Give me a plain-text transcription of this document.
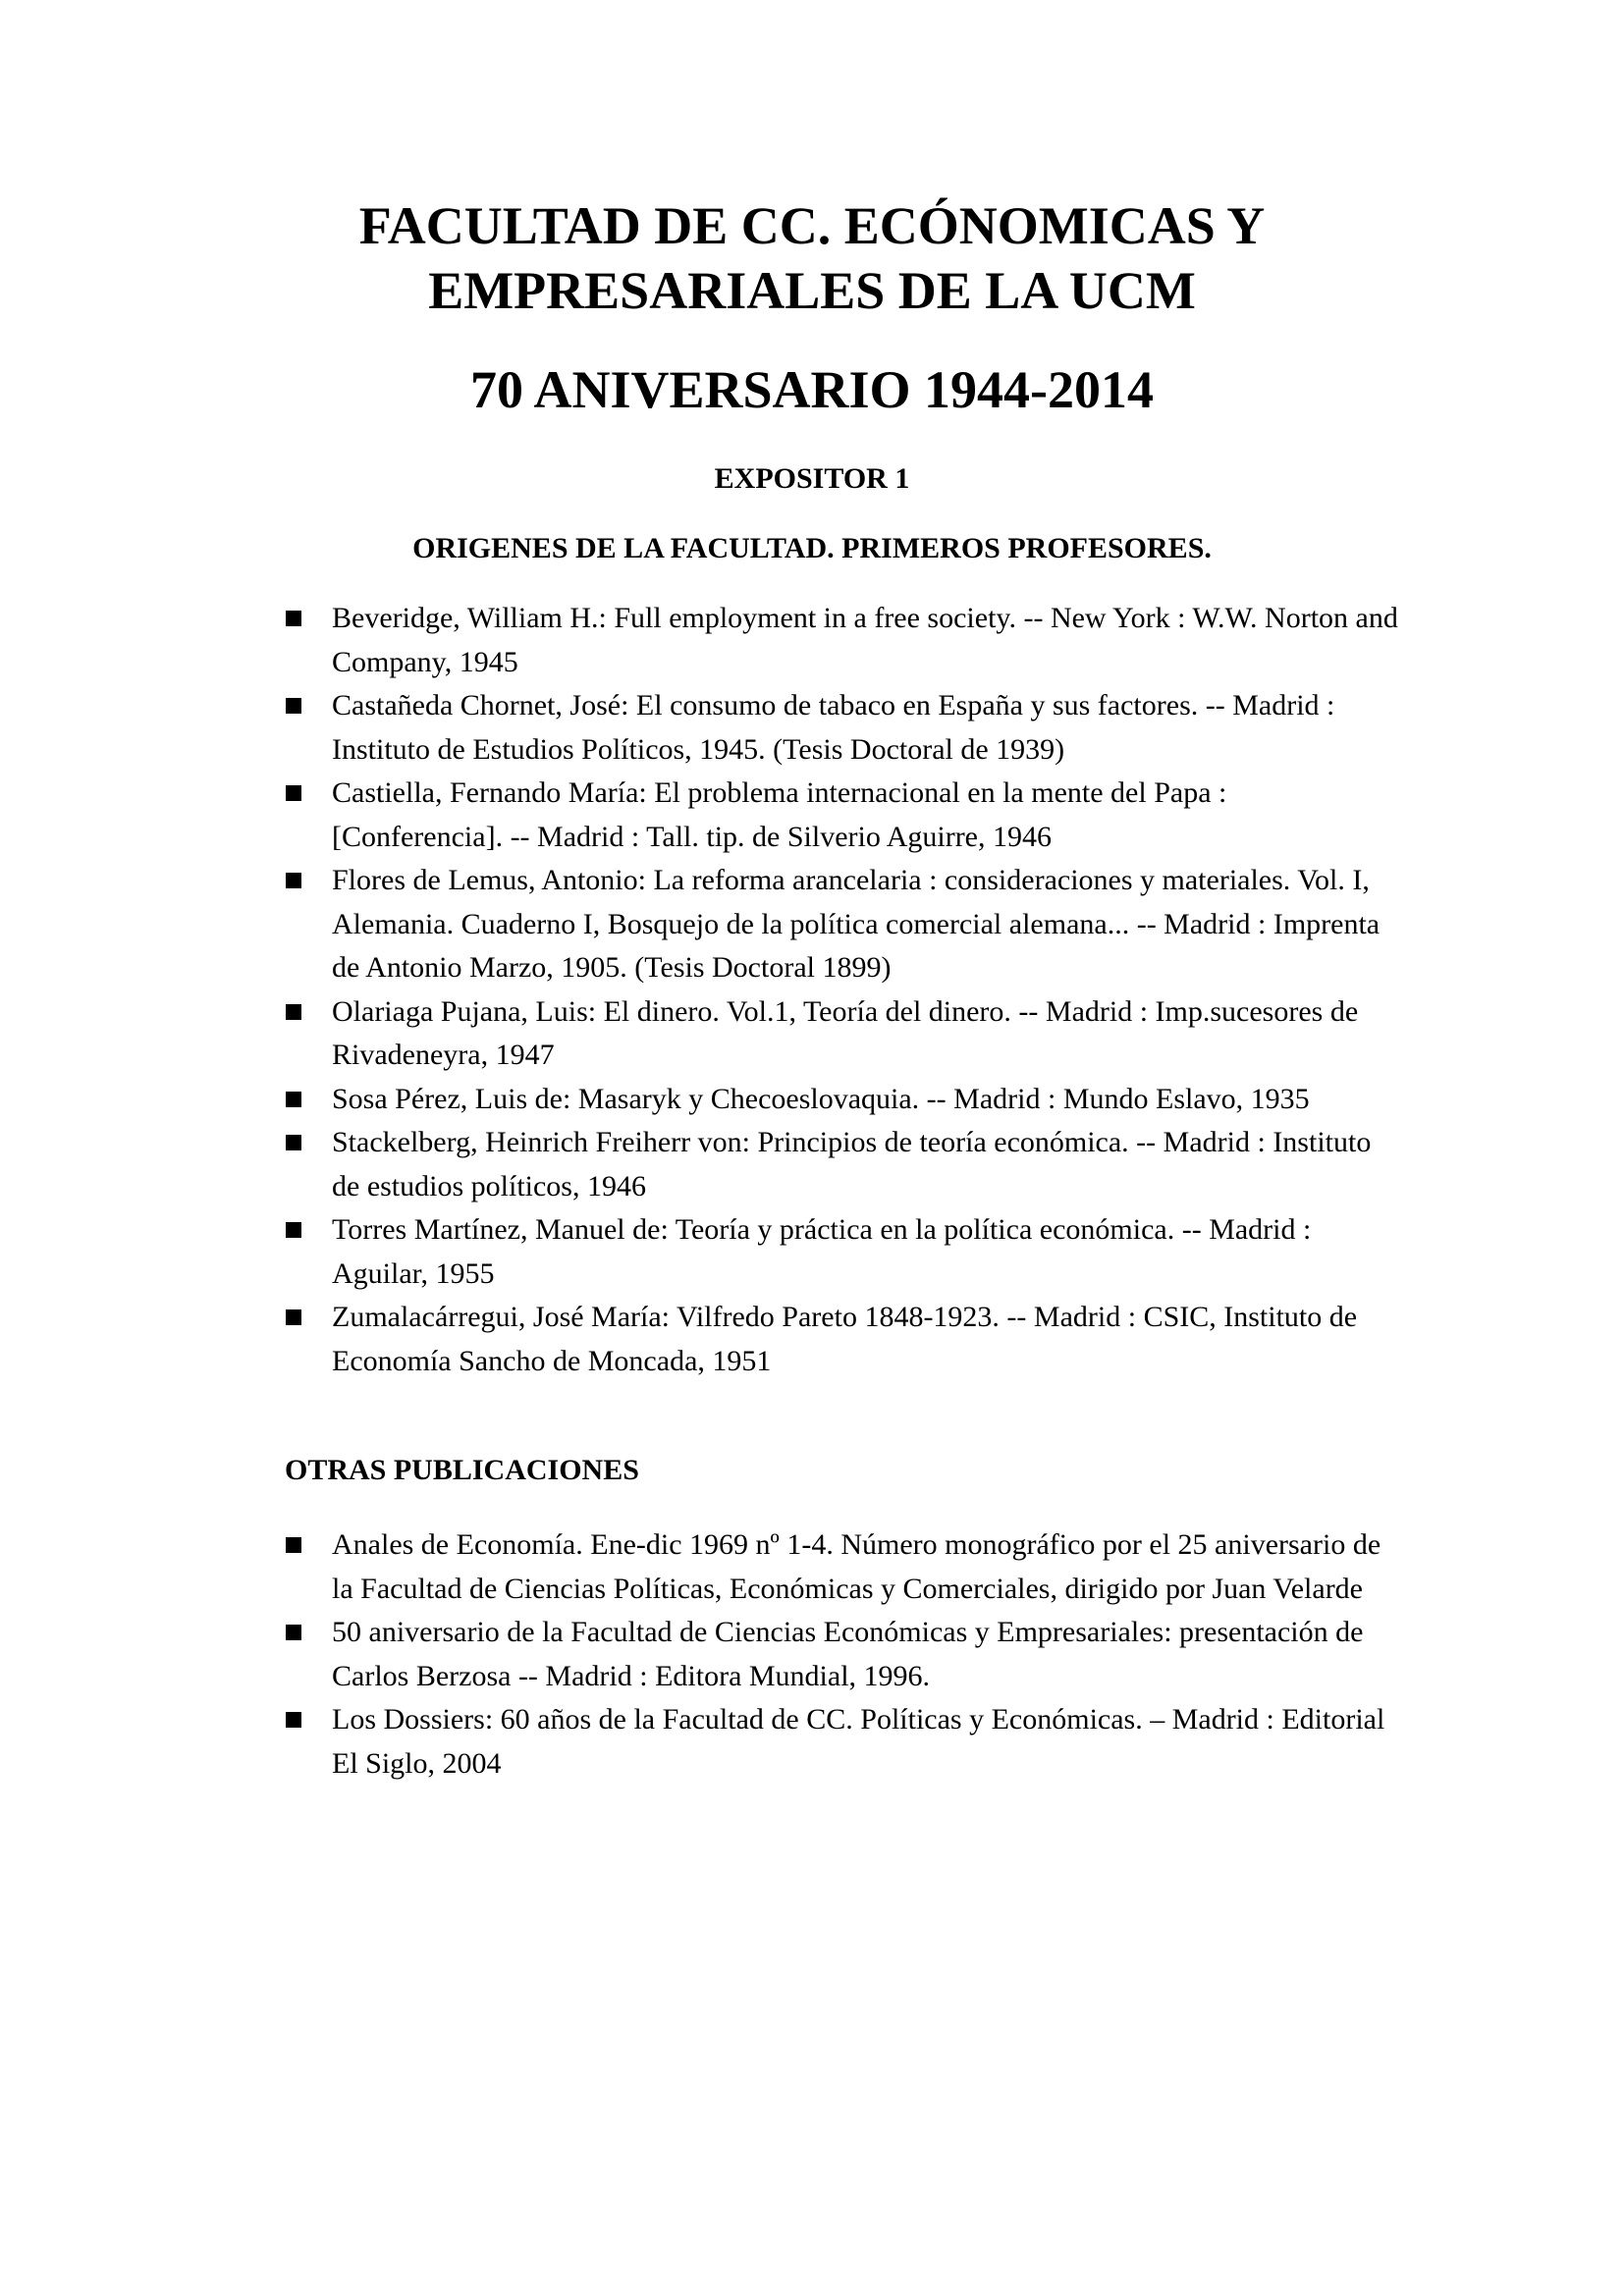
FACULTAD DE CC. ECÓNOMICAS Y
EMPRESARIALES DE LA UCM
70 ANIVERSARIO 1944-2014
EXPOSITOR 1
ORIGENES DE LA FACULTAD. PRIMEROS PROFESORES.
Beveridge, William H.: Full employment in a free society. -- New York : W.W. Norton and Company, 1945
Castañeda Chornet, José: El consumo de tabaco en España y sus factores. -- Madrid : Instituto de Estudios Políticos, 1945. (Tesis Doctoral de 1939)
Castiella, Fernando María: El problema internacional en la mente del Papa : [Conferencia]. -- Madrid : Tall. tip. de Silverio Aguirre, 1946
Flores de Lemus, Antonio: La reforma arancelaria : consideraciones y materiales. Vol. I, Alemania. Cuaderno I, Bosquejo de la política comercial alemana... -- Madrid : Imprenta de Antonio Marzo, 1905. (Tesis Doctoral 1899)
Olariaga Pujana, Luis: El dinero. Vol.1, Teoría del dinero. -- Madrid : Imp.sucesores de Rivadeneyra, 1947
Sosa Pérez, Luis de: Masaryk y Checoeslovaquia. -- Madrid : Mundo Eslavo, 1935
Stackelberg, Heinrich Freiherr von: Principios de teoría económica. -- Madrid : Instituto de estudios políticos, 1946
Torres Martínez, Manuel de: Teoría y práctica en la política económica. -- Madrid : Aguilar, 1955
Zumalacárregui, José María: Vilfredo Pareto 1848-1923. -- Madrid : CSIC, Instituto de Economía Sancho de Moncada, 1951
OTRAS PUBLICACIONES
Anales de Economía. Ene-dic 1969 nº 1-4. Número monográfico por el 25 aniversario de la Facultad de Ciencias Políticas, Económicas y Comerciales, dirigido por Juan Velarde
50 aniversario de la Facultad de Ciencias Económicas y Empresariales: presentación de Carlos Berzosa -- Madrid : Editora Mundial, 1996.
Los Dossiers: 60 años de la Facultad de CC. Políticas y Económicas. – Madrid : Editorial El Siglo, 2004
